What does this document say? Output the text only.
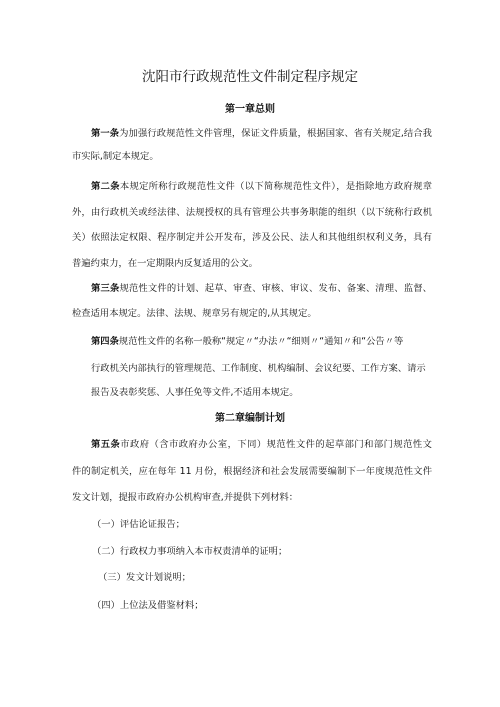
沈阳市行政规范性文件制定程序规定
第一章总则
第一条为加强行政规范性文件管理，保证文件质量，根据国家、省有关规定,结合我
市实际,制定本规定。
第二条本规定所称行政规范性文件（以下简称规范性文件），是指除地方政府规章
外，由行政机关或经法律、法规授权的具有管理公共事务职能的组织（以下统称行政机
关）依照法定权限、程序制定并公开发布，涉及公民、法人和其他组织权利义务，具有
普遍约束力，在一定期限内反复适用的公文。
第三条规范性文件的计划、起草、审查、审核、审议、发布、备案、清理、监督、
检查适用本规定。法律、法规、规章另有规定的,从其规定。
第四条规范性文件的名称一般称“规定〃“办法〃“细则〃“通知〃和“公告〃等
行政机关内部执行的管理规范、工作制度、机构编制、会议纪要、工作方案、请示
报告及表彰奖惩、人事任免等文件,不适用本规定。
第二章编制计划
第五条市政府（含市政府办公室，下同）规范性文件的起草部门和部门规范性文
件的制定机关，应在每年 11 月份，根据经济和社会发展需要编制下一年度规范性文件
发文计划，提报市政府办公机构审查,并提供下列材料：
（一）评估论证报告；
（二）行政权力事项纳入本市权责清单的证明；
（三）发文计划说明；
（四）上位法及借鉴材料；
